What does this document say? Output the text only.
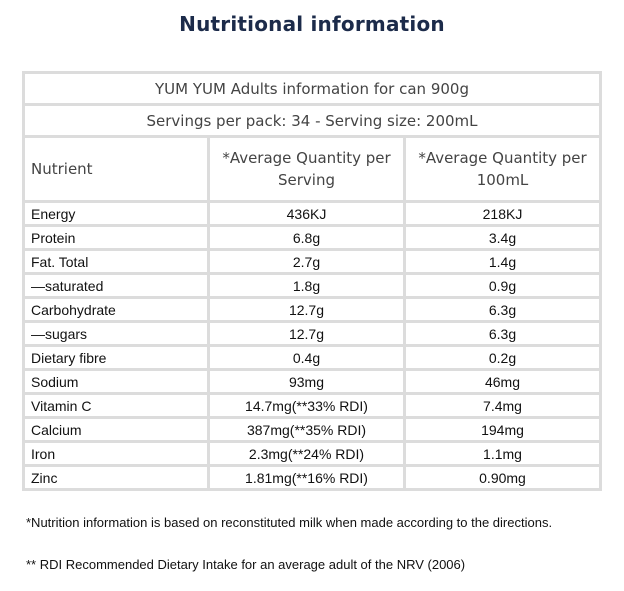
Nutritional information
YUM YUM Adults information for can 900g		
Servings per pack: 34 - Serving size: 200mL		
Nutrient	*Average Quantity per Serving	*Average Quantity per 100mL
Energy	436KJ	218KJ
Protein	6.8g	3.4g
Fat. Total	2.7g	1.4g
—saturated	1.8g	0.9g
Carbohydrate	12.7g	6.3g
—sugars	12.7g	6.3g
Dietary fibre	0.4g	0.2g
Sodium	93mg	46mg
Vitamin C	14.7mg(**33% RDI)	7.4mg
Calcium	387mg(**35% RDI)	194mg
Iron	2.3mg(**24% RDI)	1.1mg
Zinc	1.81mg(**16% RDI)	0.90mg
*Nutrition information is based on reconstituted milk when made according to the directions.
** RDI Recommended Dietary Intake for an average adult of the NRV (2006)
